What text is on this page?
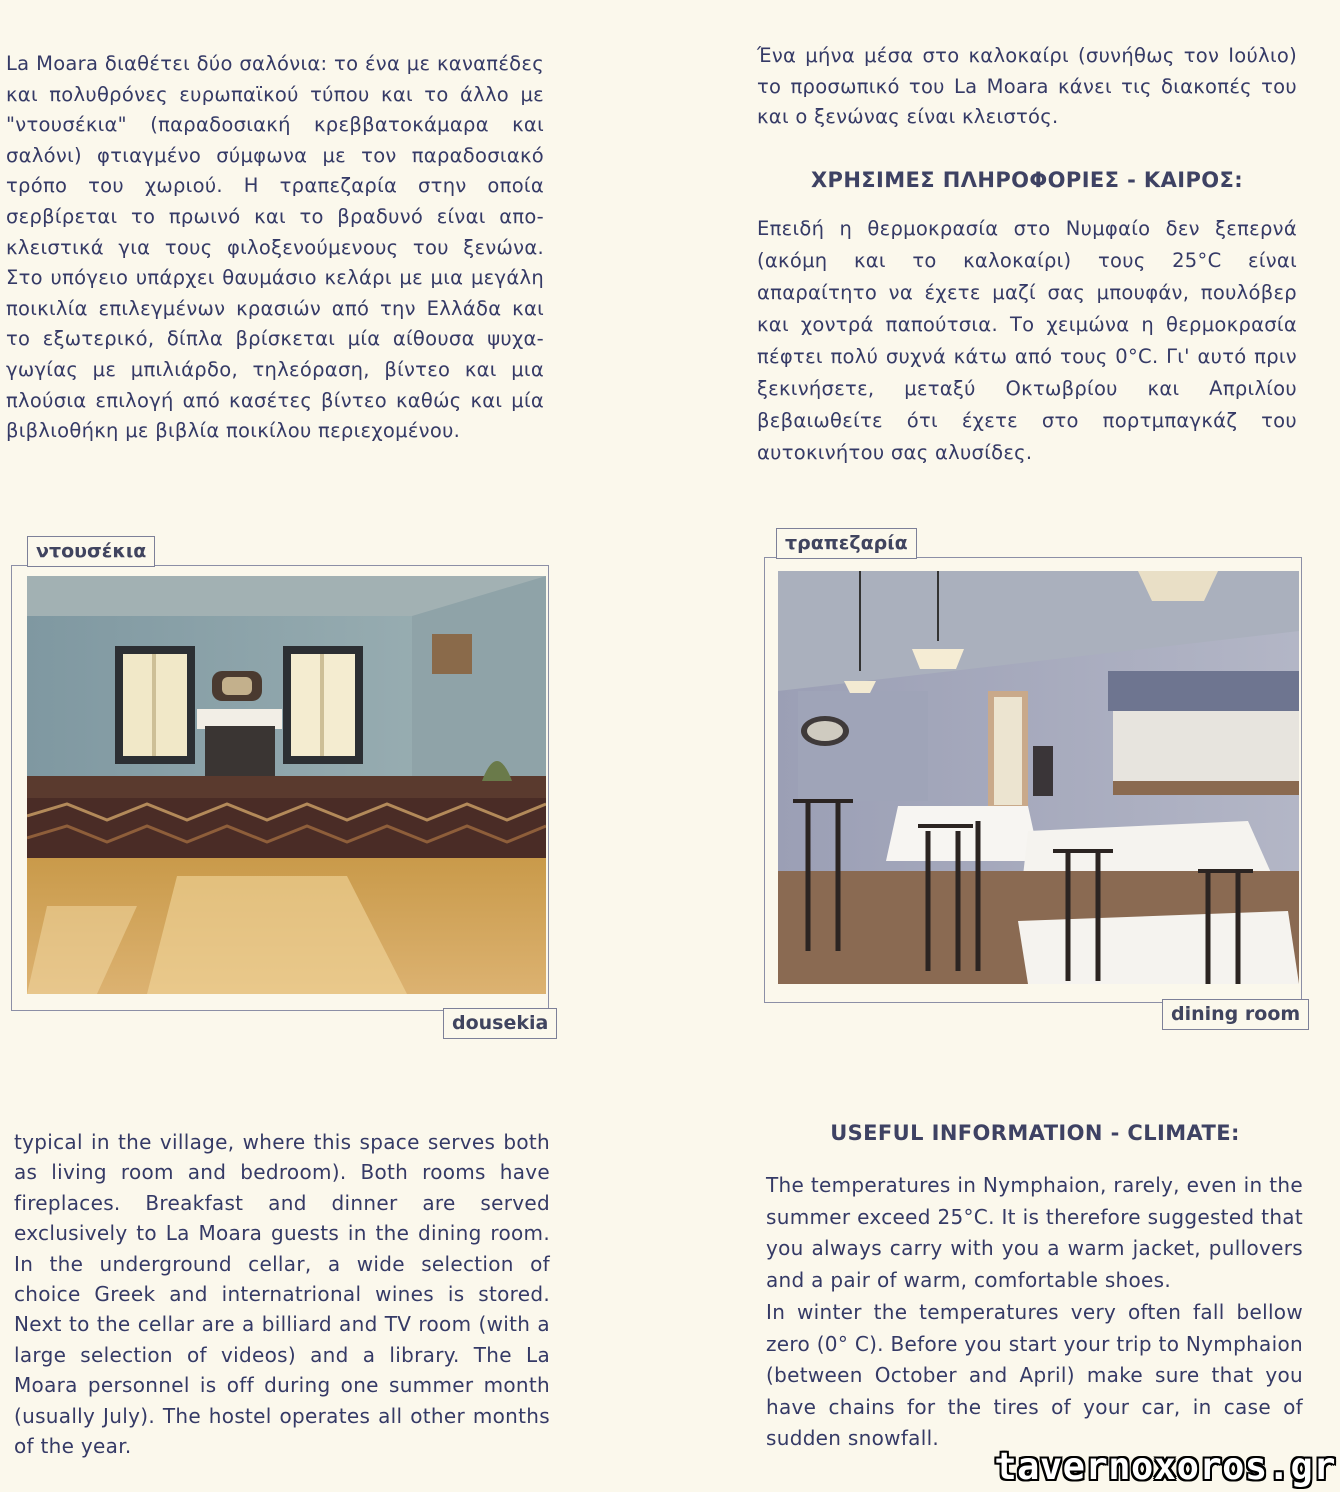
La Moara διαθέτει δύο σαλόνια: το ένα με καναπέδες και πολυθρόνες ευρωπαϊκού τύπου και το άλλο με "ντουσέκια" (παραδοσιακή κρεββατοκάμαρα και σαλόνι) φτιαγμένο σύμφωνα με τον παραδοσιακό τρόπο του χωριού. Η τραπεζαρία στην οποία σερβίρεται το πρωινό και το βραδυνό είναι απο-κλειστικά για τους φιλοξενούμενους του ξενώνα. Στο υπόγειο υπάρχει θαυμάσιο κελάρι με μια μεγάλη ποικιλία επιλεγμένων κρασιών από την Ελλάδα και το εξωτερικό, δίπλα βρίσκεται μία αίθουσα ψυχα-γωγίας με μπιλιάρδο, τηλεόραση, βίντεο και μια πλούσια επιλογή από κασέτες βίντεο καθώς και μία βιβλιοθήκη με βιβλία ποικίλου περιεχομένου.

Ένα μήνα μέσα στο καλοκαίρι (συνήθως τον Ιούλιο) το προσωπικό του La Moara κάνει τις διακοπές του και ο ξενώνας είναι κλειστός.

ΧΡΗΣΙΜΕΣ ΠΛΗΡΟΦΟΡΙΕΣ - ΚΑΙΡΟΣ:

Επειδή η θερμοκρασία στο Νυμφαίο δεν ξεπερνά (ακόμη και το καλοκαίρι) τους 25°C είναι απαραίτητο να έχετε μαζί σας μπουφάν, πουλόβερ και χοντρά παπούτσια. Το χειμώνα η θερμοκρασία πέφτει πολύ συχνά κάτω από τους 0°C. Γι' αυτό πριν ξεκινήσετε, μεταξύ Οκτωβρίου και Απριλίου βεβαιωθείτε ότι έχετε στο πορτμπαγκάζ του αυτοκινήτου σας αλυσίδες.

ντουσέκια
dousekia
τραπεζαρία
dining room

typical in the village, where this space serves both as living room and bedroom). Both rooms have fireplaces. Breakfast and dinner are served exclusively to La Moara guests in the dining room. In the underground cellar, a wide selection of choice Greek and internatrional wines is stored. Next to the cellar are a billiard and TV room (with a large selection of videos) and a library. The La Moara personnel is off during one summer month (usually July). The hostel operates all other months of the year.

USEFUL INFORMATION - CLIMATE:

The temperatures in Nymphaion, rarely, even in the summer exceed 25°C. It is therefore suggested that you always carry with you a warm jacket, pullovers and a pair of warm, comfortable shoes.

In winter the temperatures very often fall bellow zero (0° C). Before you start your trip to Nymphaion (between October and April) make sure that you have chains for the tires of your car, in case of sudden snowfall.

tavernoxoros.gr
